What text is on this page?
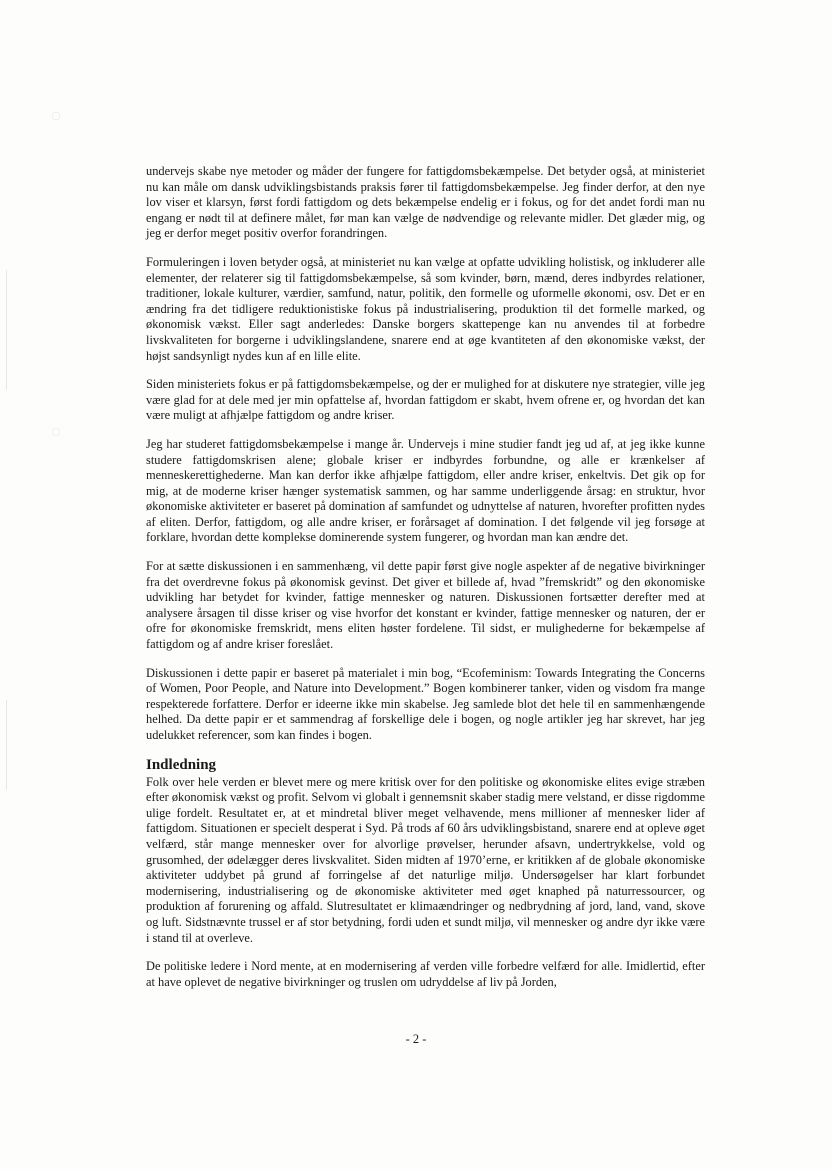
undervejs skabe nye metoder og måder der fungere for fattigdomsbekæmpelse. Det betyder også, at ministeriet nu kan måle om dansk udviklingsbistands praksis fører til fattigdomsbekæmpelse. Jeg finder derfor, at den nye lov viser et klarsyn, først fordi fattigdom og dets bekæmpelse endelig er i fokus, og for det andet fordi man nu engang er nødt til at definere målet, før man kan vælge de nødvendige og relevante midler. Det glæder mig, og jeg er derfor meget positiv overfor forandringen.

Formuleringen i loven betyder også, at ministeriet nu kan vælge at opfatte udvikling holistisk, og inkluderer alle elementer, der relaterer sig til fattigdomsbekæmpelse, så som kvinder, børn, mænd, deres indbyrdes relationer, traditioner, lokale kulturer, værdier, samfund, natur, politik, den formelle og uformelle økonomi, osv. Det er en ændring fra det tidligere reduktionistiske fokus på industrialisering, produktion til det formelle marked, og økonomisk vækst. Eller sagt anderledes: Danske borgers skattepenge kan nu anvendes til at forbedre livskvaliteten for borgerne i udviklingslandene, snarere end at øge kvantiteten af den økonomiske vækst, der højst sandsynligt nydes kun af en lille elite.

Siden ministeriets fokus er på fattigdomsbekæmpelse, og der er mulighed for at diskutere nye strategier, ville jeg være glad for at dele med jer min opfattelse af, hvordan fattigdom er skabt, hvem ofrene er, og hvordan det kan være muligt at afhjælpe fattigdom og andre kriser.

Jeg har studeret fattigdomsbekæmpelse i mange år. Undervejs i mine studier fandt jeg ud af, at jeg ikke kunne studere fattigdomskrisen alene; globale kriser er indbyrdes forbundne, og alle er krænkelser af menneskerettighederne. Man kan derfor ikke afhjælpe fattigdom, eller andre kriser, enkeltvis. Det gik op for mig, at de moderne kriser hænger systematisk sammen, og har samme underliggende årsag: en struktur, hvor økonomiske aktiviteter er baseret på domination af samfundet og udnyttelse af naturen, hvorefter profitten nydes af eliten. Derfor, fattigdom, og alle andre kriser, er forårsaget af domination. I det følgende vil jeg forsøge at forklare, hvordan dette komplekse dominerende system fungerer, og hvordan man kan ændre det.

For at sætte diskussionen i en sammenhæng, vil dette papir først give nogle aspekter af de negative bivirkninger fra det overdrevne fokus på økonomisk gevinst. Det giver et billede af, hvad ”fremskridt” og den økonomiske udvikling har betydet for kvinder, fattige mennesker og naturen. Diskussionen fortsætter derefter med at analysere årsagen til disse kriser og vise hvorfor det konstant er kvinder, fattige mennesker og naturen, der er ofre for økonomiske fremskridt, mens eliten høster fordelene. Til sidst, er mulighederne for bekæmpelse af fattigdom og af andre kriser foreslået.

Diskussionen i dette papir er baseret på materialet i min bog, “Ecofeminism: Towards Integrating the Concerns of Women, Poor People, and Nature into Development.” Bogen kombinerer tanker, viden og visdom fra mange respekterede forfattere. Derfor er ideerne ikke min skabelse. Jeg samlede blot det hele til en sammenhængende helhed. Da dette papir er et sammendrag af forskellige dele i bogen, og nogle artikler jeg har skrevet, har jeg udelukket referencer, som kan findes i bogen.

Indledning

Folk over hele verden er blevet mere og mere kritisk over for den politiske og økonomiske elites evige stræben efter økonomisk vækst og profit. Selvom vi globalt i gennemsnit skaber stadig mere velstand, er disse rigdomme ulige fordelt. Resultatet er, at et mindretal bliver meget velhavende, mens millioner af mennesker lider af fattigdom. Situationen er specielt desperat i Syd. På trods af 60 års udviklingsbistand, snarere end at opleve øget velfærd, står mange mennesker over for alvorlige prøvelser, herunder afsavn, undertrykkelse, vold og grusomhed, der ødelægger deres livskvalitet. Siden midten af 1970’erne, er kritikken af de globale økonomiske aktiviteter uddybet på grund af forringelse af det naturlige miljø. Undersøgelser har klart forbundet modernisering, industrialisering og de økonomiske aktiviteter med øget knaphed på naturressourcer, og produktion af forurening og affald. Slutresultatet er klimaændringer og nedbrydning af jord, land, vand, skove og luft. Sidstnævnte trussel er af stor betydning, fordi uden et sundt miljø, vil mennesker og andre dyr ikke være i stand til at overleve.

De politiske ledere i Nord mente, at en modernisering af verden ville forbedre velfærd for alle. Imidlertid, efter at have oplevet de negative bivirkninger og truslen om udryddelse af liv på Jorden,

- 2 -
